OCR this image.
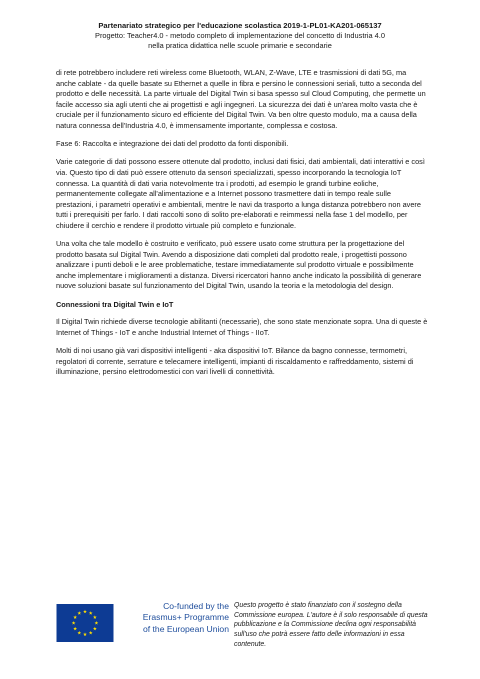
Partenariato strategico per l'educazione scolastica 2019-1-PL01-KA201-065137
Progetto: Teacher4.0 - metodo completo di implementazione del concetto di Industria 4.0
nella pratica didattica nelle scuole primarie e secondarie

di rete potrebbero includere reti wireless come Bluetooth, WLAN, Z-Wave, LTE e trasmissioni di dati 5G, ma anche cablate - da quelle basate su Ethernet a quelle in fibra e persino le connessioni seriali, tutto a seconda del prodotto e delle necessità. La parte virtuale del Digital Twin si basa spesso sul Cloud Computing, che permette un facile accesso sia agli utenti che ai progettisti e agli ingegneri. La sicurezza dei dati è un'area molto vasta che è cruciale per il funzionamento sicuro ed efficiente del Digital Twin. Va ben oltre questo modulo, ma a causa della natura connessa dell'Industria 4.0, è immensamente importante, complessa e costosa.

Fase 6: Raccolta e integrazione dei dati del prodotto da fonti disponibili.

Varie categorie di dati possono essere ottenute dal prodotto, inclusi dati fisici, dati ambientali, dati interattivi e così via. Questo tipo di dati può essere ottenuto da sensori specializzati, spesso incorporando la tecnologia IoT connessa. La quantità di dati varia notevolmente tra i prodotti, ad esempio le grandi turbine eoliche, permanentemente collegate all'alimentazione e a Internet possono trasmettere dati in tempo reale sulle prestazioni, i parametri operativi e ambientali, mentre le navi da trasporto a lunga distanza potrebbero non avere tutti i prerequisiti per farlo. I dati raccolti sono di solito pre-elaborati e reimmessi nella fase 1 del modello, per chiudere il cerchio e rendere il prodotto virtuale più completo e funzionale.

Una volta che tale modello è costruito e verificato, può essere usato come struttura per la progettazione del prodotto basata sul Digital Twin. Avendo a disposizione dati completi dal prodotto reale, i progettisti possono analizzare i punti deboli e le aree problematiche, testare immediatamente sul prodotto virtuale e possibilmente anche implementare i miglioramenti a distanza. Diversi ricercatori hanno anche indicato la possibilità di generare nuove soluzioni basate sul funzionamento del Digital Twin, usando la teoria e la metodologia del design.

Connessioni tra Digital Twin e IoT

Il Digital Twin richiede diverse tecnologie abilitanti (necessarie), che sono state menzionate sopra. Una di queste è Internet of Things - IoT e anche Industrial Internet of Things - IIoT.

Molti di noi usano già vari dispositivi intelligenti - aka dispositivi IoT. Bilance da bagno connesse, termometri, regolatori di corrente, serrature e telecamere intelligenti, impianti di riscaldamento e raffreddamento, sistemi di illuminazione, persino elettrodomestici con vari livelli di connettività.

Co-funded by the
Erasmus+ Programme
of the European Union
Questo progetto è stato finanziato con il sostegno della Commissione europea. L'autore è il solo responsabile di questa pubblicazione e la Commissione declina ogni responsabilità sull'uso che potrà essere fatto delle informazioni in essa contenute.
